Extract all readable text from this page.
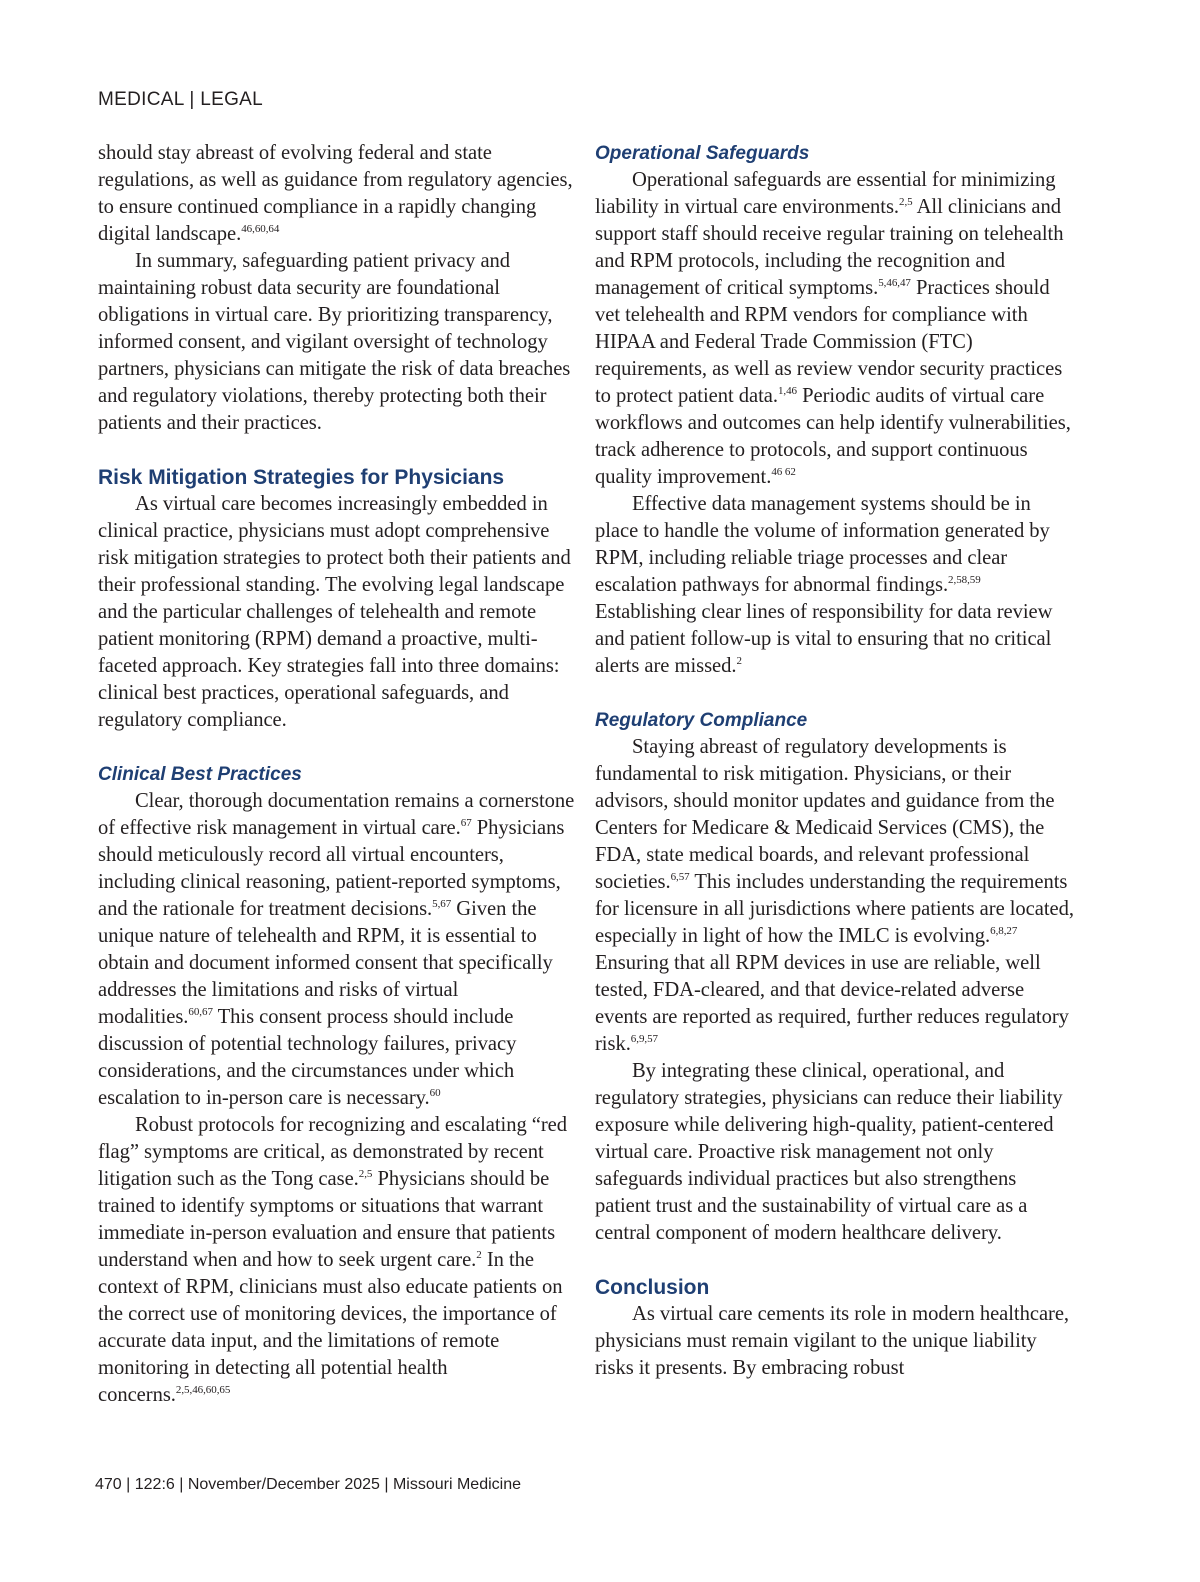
MEDICAL | LEGAL

should stay abreast of evolving federal and state regulations, as well as guidance from regulatory agencies, to ensure continued compliance in a rapidly changing digital landscape.$^{46,60,64}$

In summary, safeguarding patient privacy and maintaining robust data security are foundational obligations in virtual care. By prioritizing transparency, informed consent, and vigilant oversight of technology partners, physicians can mitigate the risk of data breaches and regulatory violations, thereby protecting both their patients and their practices.

Risk Mitigation Strategies for Physicians

As virtual care becomes increasingly embedded in clinical practice, physicians must adopt comprehensive risk mitigation strategies to protect both their patients and their professional standing. The evolving legal landscape and the particular challenges of telehealth and remote patient monitoring (RPM) demand a proactive, multi-faceted approach. Key strategies fall into three domains: clinical best practices, operational safeguards, and regulatory compliance.

Clinical Best Practices

Clear, thorough documentation remains a cornerstone of effective risk management in virtual care.$^{67}$ Physicians should meticulously record all virtual encounters, including clinical reasoning, patient-reported symptoms, and the rationale for treatment decisions.$^{5,67}$ Given the unique nature of telehealth and RPM, it is essential to obtain and document informed consent that specifically addresses the limitations and risks of virtual modalities.$^{60,67}$ This consent process should include discussion of potential technology failures, privacy considerations, and the circumstances under which escalation to in-person care is necessary.$^{60}$

Robust protocols for recognizing and escalating “red flag” symptoms are critical, as demonstrated by recent litigation such as the Tong case.$^{2,5}$ Physicians should be trained to identify symptoms or situations that warrant immediate in-person evaluation and ensure that patients understand when and how to seek urgent care.$^2$ In the context of RPM, clinicians must also educate patients on the correct use of monitoring devices, the importance of accurate data input, and the limitations of remote monitoring in detecting all potential health concerns.$^{2,5,46,60,65}$

Operational Safeguards

Operational safeguards are essential for minimizing liability in virtual care environments.$^{2,5}$ All clinicians and support staff should receive regular training on telehealth and RPM protocols, including the recognition and management of critical symptoms.$^{5,46,47}$ Practices should vet telehealth and RPM vendors for compliance with HIPAA and Federal Trade Commission (FTC) requirements, as well as review vendor security practices to protect patient data.$^{1,46}$ Periodic audits of virtual care workflows and outcomes can help identify vulnerabilities, track adherence to protocols, and support continuous quality improvement.$^{46 62}$

Effective data management systems should be in place to handle the volume of information generated by RPM, including reliable triage processes and clear escalation pathways for abnormal findings.$^{2,58,59}$ Establishing clear lines of responsibility for data review and patient follow-up is vital to ensuring that no critical alerts are missed.$^2$

Regulatory Compliance

Staying abreast of regulatory developments is fundamental to risk mitigation. Physicians, or their advisors, should monitor updates and guidance from the Centers for Medicare & Medicaid Services (CMS), the FDA, state medical boards, and relevant professional societies.$^{6,57}$ This includes understanding the requirements for licensure in all jurisdictions where patients are located, especially in light of how the IMLC is evolving.$^{6,8,27}$ Ensuring that all RPM devices in use are reliable, well tested, FDA-cleared, and that device-related adverse events are reported as required, further reduces regulatory risk.$^{6,9,57}$

By integrating these clinical, operational, and regulatory strategies, physicians can reduce their liability exposure while delivering high-quality, patient-centered virtual care. Proactive risk management not only safeguards individual practices but also strengthens patient trust and the sustainability of virtual care as a central component of modern healthcare delivery.

Conclusion

As virtual care cements its role in modern healthcare, physicians must remain vigilant to the unique liability risks it presents. By embracing robust

470 | 122:6 | November/December 2025 | Missouri Medicine
